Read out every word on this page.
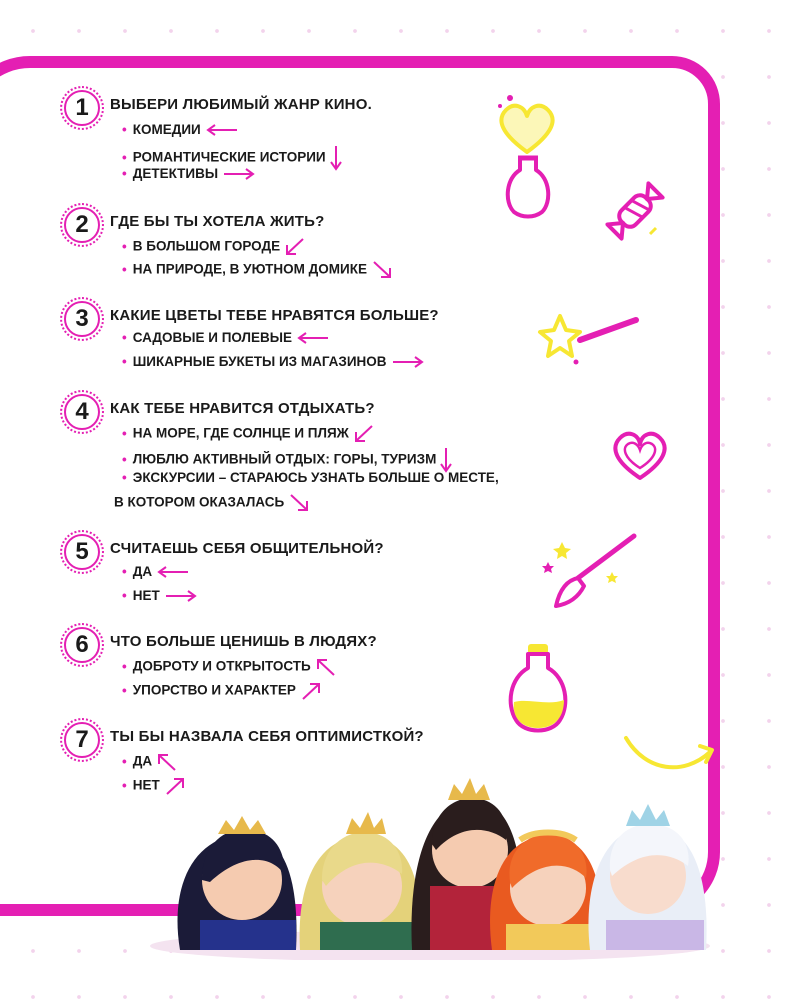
1 ВЫБЕРИ ЛЮБИМЫЙ ЖАНР КИНО.
• КОМЕДИИ
• РОМАНТИЧЕСКИЕ ИСТОРИИ
• ДЕТЕКТИВЫ
2 ГДЕ БЫ ТЫ ХОТЕЛА ЖИТЬ?
• В БОЛЬШОМ ГОРОДЕ
• НА ПРИРОДЕ, В УЮТНОМ ДОМИКЕ
3 КАКИЕ ЦВЕТЫ ТЕБЕ НРАВЯТСЯ БОЛЬШЕ?
• САДОВЫЕ И ПОЛЕВЫЕ
• ШИКАРНЫЕ БУКЕТЫ ИЗ МАГАЗИНОВ
4 КАК ТЕБЕ НРАВИТСЯ ОТДЫХАТЬ?
• НА МОРЕ, ГДЕ СОЛНЦЕ И ПЛЯЖ
• ЛЮБЛЮ АКТИВНЫЙ ОТДЫХ: ГОРЫ, ТУРИЗМ
• ЭКСКУРСИИ – СТАРАЮСЬ УЗНАТЬ БОЛЬШЕ О МЕСТЕ,
В КОТОРОМ ОКАЗАЛАСЬ
5 СЧИТАЕШЬ СЕБЯ ОБЩИТЕЛЬНОЙ?
• ДА
• НЕТ
6 ЧТО БОЛЬШЕ ЦЕНИШЬ В ЛЮДЯХ?
• ДОБРОТУ И ОТКРЫТОСТЬ
• УПОРСТВО И ХАРАКТЕР
7 ТЫ БЫ НАЗВАЛА СЕБЯ ОПТИМИСТКОЙ?
• ДА
• НЕТ
